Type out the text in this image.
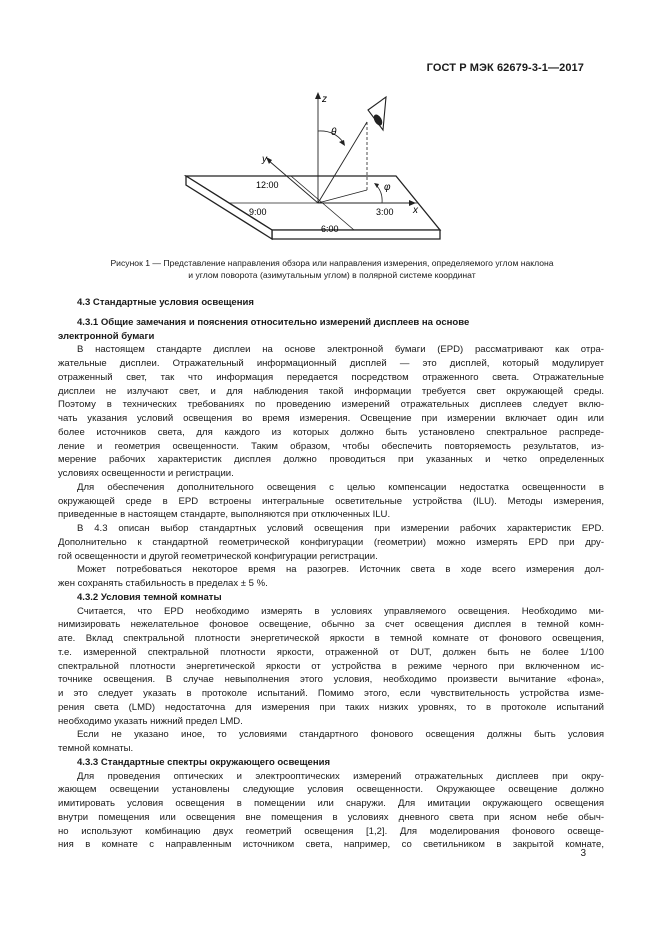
ГОСТ Р МЭК 62679-3-1—2017
z
y
x
θ
φ
12:00
9:00	3:00
6:00
Рисунок 1 — Представление направления обзора или направления измерения, определяемого углом наклона
и углом поворота (азимутальным углом) в полярной системе координат
4.3 Стандартные условия освещения
4.3.1 Общие замечания и пояснения относительно измерений дисплеев на основе
электронной бумаги

В настоящем стандарте дисплеи на основе электронной бумаги (EPD) рассматривают как отра-
жательные дисплеи. Отражательный информационный дисплей — это дисплей, который модулирует
отраженный свет, так что информация передается посредством отраженного света. Отражательные
дисплеи не излучают свет, и для наблюдения такой информации требуется свет окружающей среды.
Поэтому в технических требованиях по проведению измерений отражательных дисплеев следует вклю-
чать указания условий освещения во время измерения. Освещение при измерении включает один или
более источников света, для каждого из которых должно быть установлено спектральное распреде-
ление и геометрия освещенности. Таким образом, чтобы обеспечить повторяемость результатов, из-
мерение рабочих характеристик дисплея должно проводиться при указанных и четко определенных
условиях освещенности и регистрации.

Для обеспечения дополнительного освещения с целью компенсации недостатка освещенности в
окружающей среде в EPD встроены интегральные осветительные устройства (ILU). Методы измерения,
приведенные в настоящем стандарте, выполняются при отключенных ILU.

В 4.3 описан выбор стандартных условий освещения при измерении рабочих характеристик EPD.
Дополнительно к стандартной геометрической конфигурации (геометрии) можно измерять EPD при дру-
гой освещенности и другой геометрической конфигурации регистрации.

Может потребоваться некоторое время на разогрев. Источник света в ходе всего измерения дол-
жен сохранять стабильность в пределах ± 5 %.

4.3.2 Условия темной комнаты

Считается, что EPD необходимо измерять в условиях управляемого освещения. Необходимо ми-
нимизировать нежелательное фоновое освещение, обычно за счет освещения дисплея в темной комн-
ате. Вклад спектральной плотности энергетической яркости в темной комнате от фонового освещения,
т.е. измеренной спектральной плотности яркости, отраженной от DUT, должен быть не более 1/100
спектральной плотности энергетической яркости от устройства в режиме черного при включенном ис-
точнике освещения. В случае невыполнения этого условия, необходимо произвести вычитание «фона»,
и это следует указать в протоколе испытаний. Помимо этого, если чувствительность устройства изме-
рения света (LMD) недостаточна для измерения при таких низких уровнях, то в протоколе испытаний
необходимо указать нижний предел LMD.

Если не указано иное, то условиями стандартного фонового освещения должны быть условия
темной комнаты.

4.3.3 Стандартные спектры окружающего освещения

Для проведения оптических и электрооптических измерений отражательных дисплеев при окру-
жающем освещении установлены следующие условия освещенности. Окружающее освещение должно
имитировать условия освещения в помещении или снаружи. Для имитации окружающего освещения
внутри помещения или освещения вне помещения в условиях дневного света при ясном небе обыч-
но используют комбинацию двух геометрий освещения [1,2]. Для моделирования фонового освеще-
ния в комнате с направленным источником света, например, со светильником в закрытой комнате,

3
